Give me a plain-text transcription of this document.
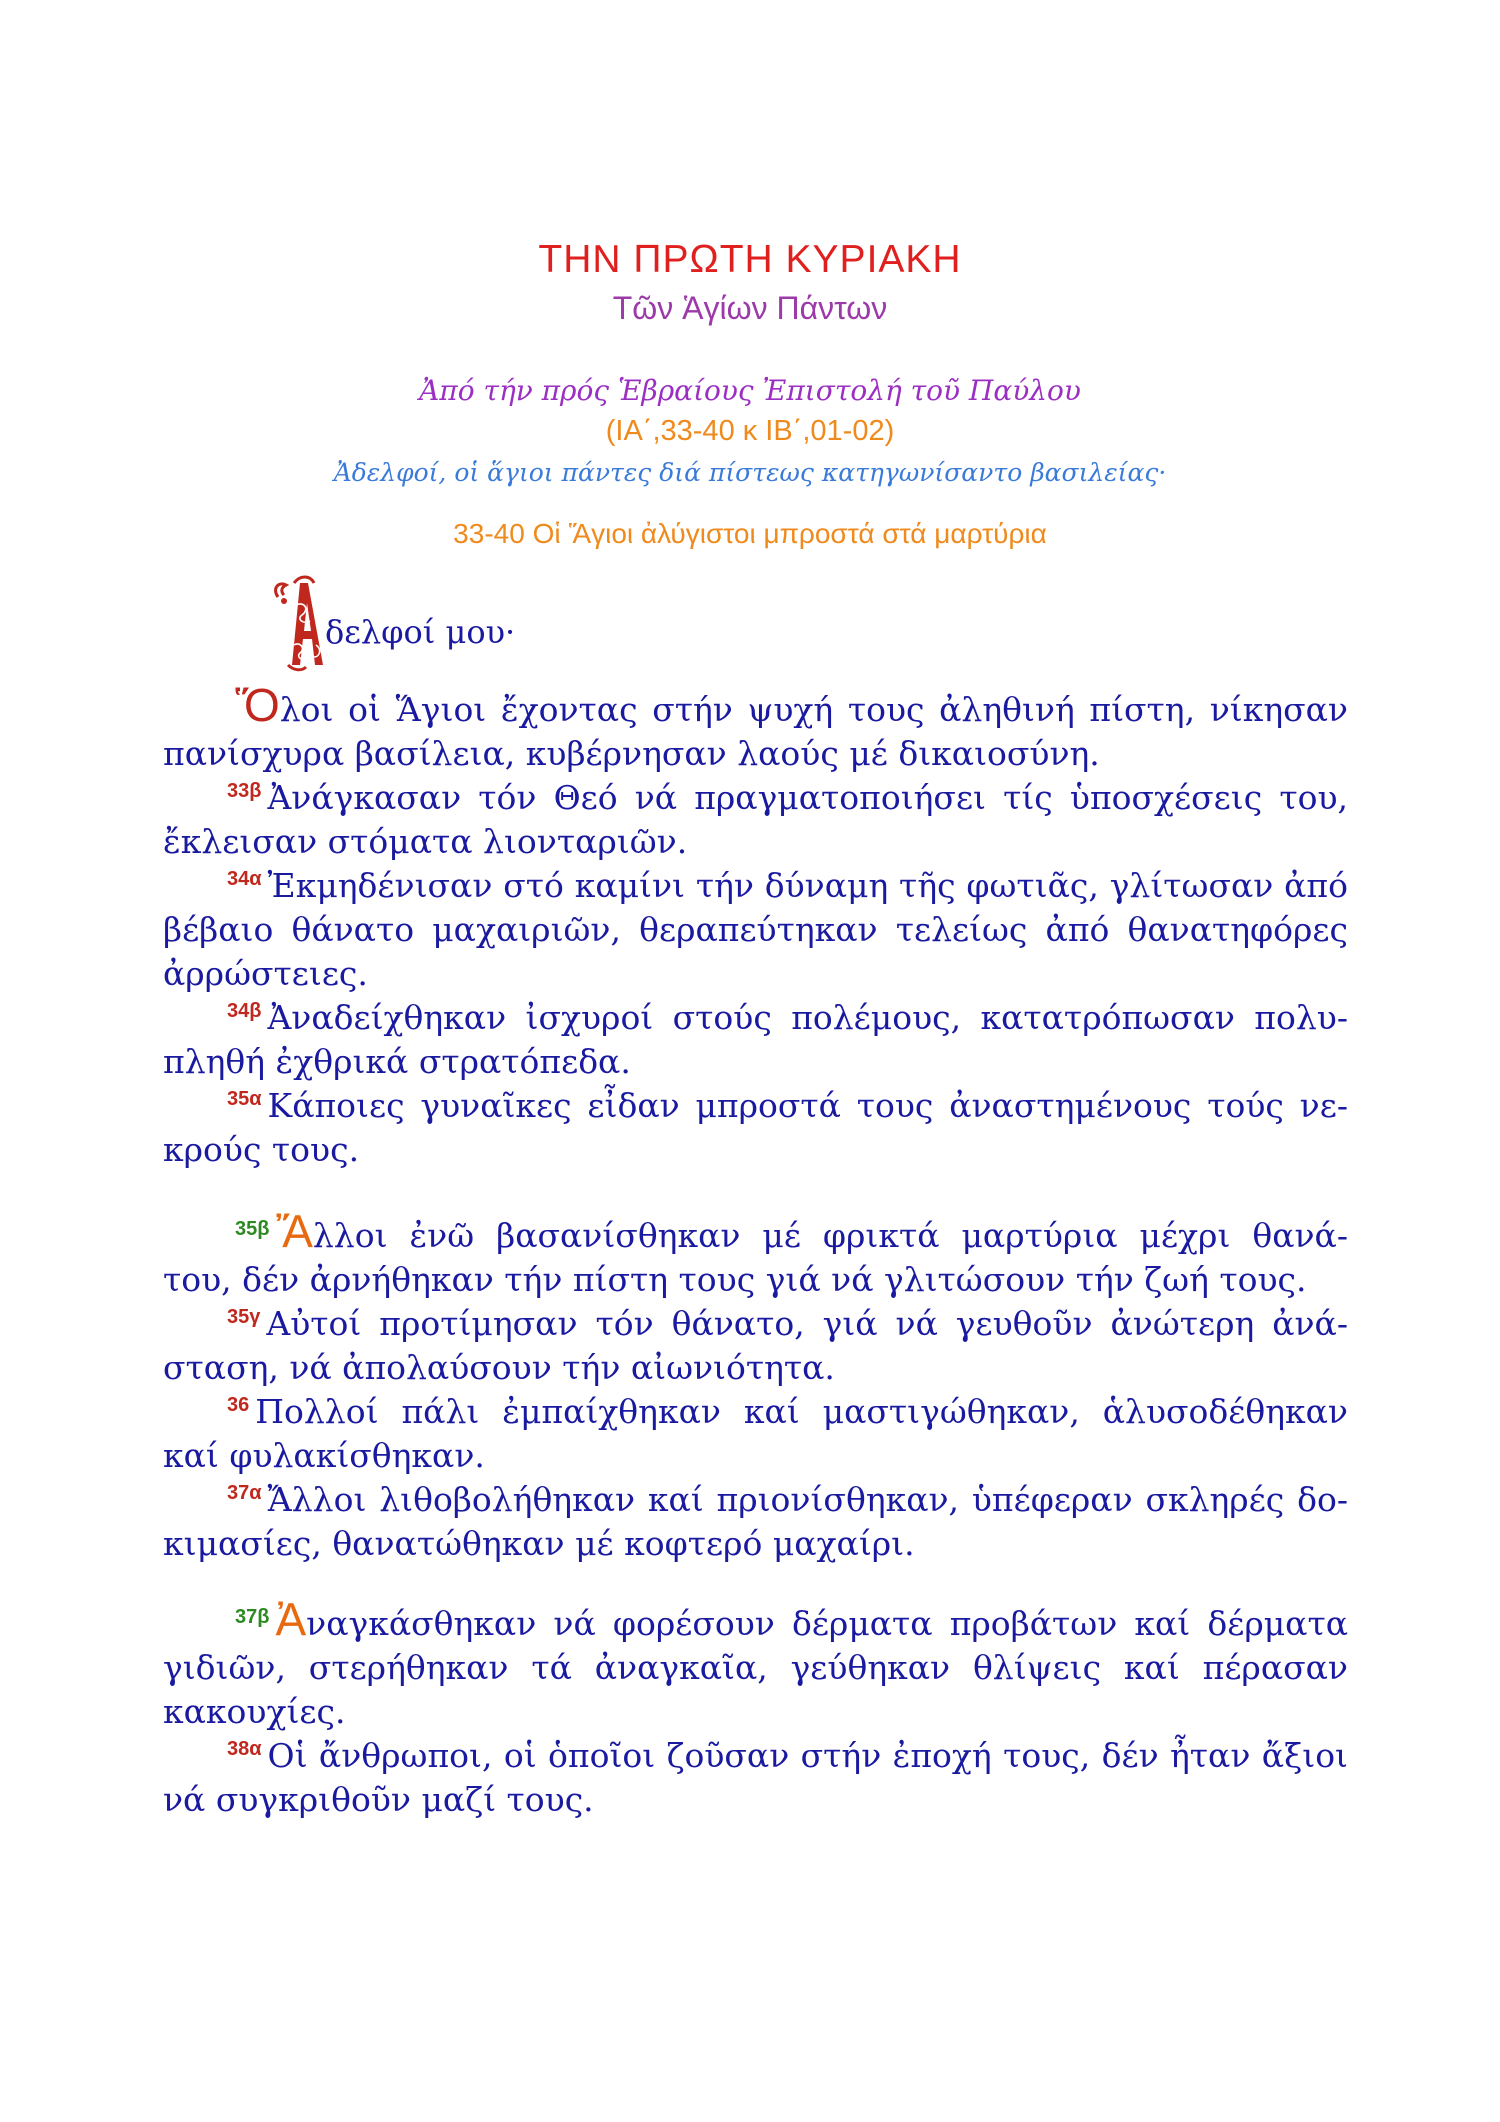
ΤΗΝ ΠΡΩΤΗ ΚΥΡΙΑΚΗ
Τῶν Ἁγίων Πάντων
Ἀπό τήν πρός Ἑβραίους Ἐπιστολή τοῦ Παύλου
(ΙΑ΄,33-40 κ ΙΒ΄,01-02)
Ἀδελφοί, οἱ ἅγιοι πάντες διά πίστεως κατηγωνίσαντο βασιλείας·
33-40 Οἱ Ἅγιοι ἀλύγιστοι μπροστά στά μαρτύρια
δελφοί μου·
Ὅλοι οἱ Ἅγιοι ἔχοντας στήν ψυχή τους ἀληθινή πίστη, νίκησαν
πανίσχυρα βασίλεια, κυβέρνησαν λαούς μέ δικαιοσύνη.
$^{33\beta}$ Ἀνάγκασαν τόν Θεό νά πραγματοποιήσει τίς ὑποσχέσεις του,
ἔκλεισαν στόματα λιονταριῶν.
$^{34\alpha}$ Ἐκμηδένισαν στό καμίνι τήν δύναμη τῆς φωτιᾶς, γλίτωσαν ἀπό
βέβαιο θάνατο μαχαιριῶν, θεραπεύτηκαν τελείως ἀπό θανατηφόρες
ἀρρώστειες.
$^{34\beta}$ Ἀναδείχθηκαν ἰσχυροί στούς πολέμους, κατατρόπωσαν πολυ-
πληθή ἐχθρικά στρατόπεδα.
$^{35\alpha}$ Κάποιες γυναῖκες εἶδαν μπροστά τους ἀναστημένους τούς νε-
κρούς τους.
$^{35\beta}$ Ἄλλοι ἐνῶ βασανίσθηκαν μέ φρικτά μαρτύρια μέχρι θανά-
του, δέν ἀρνήθηκαν τήν πίστη τους γιά νά γλιτώσουν τήν ζωή τους.
$^{35\gamma}$ Αὐτοί προτίμησαν τόν θάνατο, γιά νά γευθοῦν ἀνώτερη ἀνά-
σταση, νά ἀπολαύσουν τήν αἰωνιότητα.
$^{36}$ Πολλοί πάλι ἐμπαίχθηκαν καί μαστιγώθηκαν, ἁλυσοδέθηκαν
καί φυλακίσθηκαν.
$^{37\alpha}$ Ἄλλοι λιθοβολήθηκαν καί πριονίσθηκαν, ὑπέφεραν σκληρές δο-
κιμασίες, θανατώθηκαν μέ κοφτερό μαχαίρι.
$^{37\beta}$ Ἀναγκάσθηκαν νά φορέσουν δέρματα προβάτων καί δέρματα
γιδιῶν, στερήθηκαν τά ἀναγκαῖα, γεύθηκαν θλίψεις καί πέρασαν
κακουχίες.
$^{38\alpha}$ Οἱ ἄνθρωποι, οἱ ὁποῖοι ζοῦσαν στήν ἐποχή τους, δέν ἦταν ἄξιοι
νά συγκριθοῦν μαζί τους.
